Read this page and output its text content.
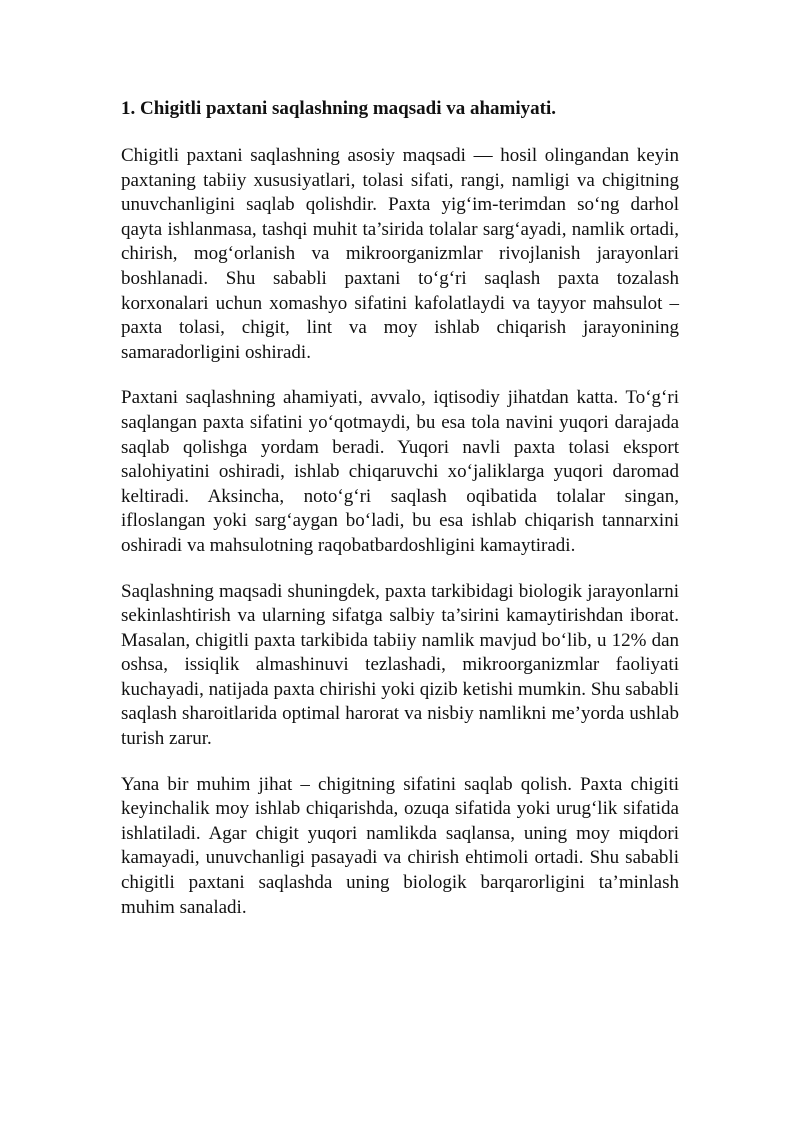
1. Chigitli paxtani saqlashning maqsadi va ahamiyati.

Chigitli paxtani saqlashning asosiy maqsadi — hosil olingandan keyin paxtaning tabiiy xususiyatlari, tolasi sifati, rangi, namligi va chigitning unuvchanligini saqlab qolishdir. Paxta yig‘im-terimdan so‘ng darhol qayta ishlanmasa, tashqi muhit ta’sirida tolalar sarg‘ayadi, namlik ortadi, chirish, mog‘orlanish va mikroorganizmlar rivojlanish jarayonlari boshlanadi. Shu sababli paxtani to‘g‘ri saqlash paxta tozalash korxonalari uchun xomashyo sifatini kafolatlaydi va tayyor mahsulot – paxta tolasi, chigit, lint va moy ishlab chiqarish jarayonining samaradorligini oshiradi.

Paxtani saqlashning ahamiyati, avvalo, iqtisodiy jihatdan katta. To‘g‘ri saqlangan paxta sifatini yo‘qotmaydi, bu esa tola navini yuqori darajada saqlab qolishga yordam beradi. Yuqori navli paxta tolasi eksport salohiyatini oshiradi, ishlab chiqaruvchi xo‘jaliklarga yuqori daromad keltiradi. Aksincha, noto‘g‘ri saqlash oqibatida tolalar singan, ifloslangan yoki sarg‘aygan bo‘ladi, bu esa ishlab chiqarish tannarxini oshiradi va mahsulotning raqobatbardoshligini kamaytiradi.

Saqlashning maqsadi shuningdek, paxta tarkibidagi biologik jarayonlarni sekinlashtirish va ularning sifatga salbiy ta’sirini kamaytirishdan iborat. Masalan, chigitli paxta tarkibida tabiiy namlik mavjud bo‘lib, u 12% dan oshsa, issiqlik almashinuvi tezlashadi, mikroorganizmlar faoliyati kuchayadi, natijada paxta chirishi yoki qizib ketishi mumkin. Shu sababli saqlash sharoitlarida optimal harorat va nisbiy namlikni me’yorda ushlab turish zarur.

Yana bir muhim jihat – chigitning sifatini saqlab qolish. Paxta chigiti keyinchalik moy ishlab chiqarishda, ozuqa sifatida yoki urug‘lik sifatida ishlatiladi. Agar chigit yuqori namlikda saqlansa, uning moy miqdori kamayadi, unuvchanligi pasayadi va chirish ehtimoli ortadi. Shu sababli chigitli paxtani saqlashda uning biologik barqarorligini ta’minlash muhim sanaladi.
